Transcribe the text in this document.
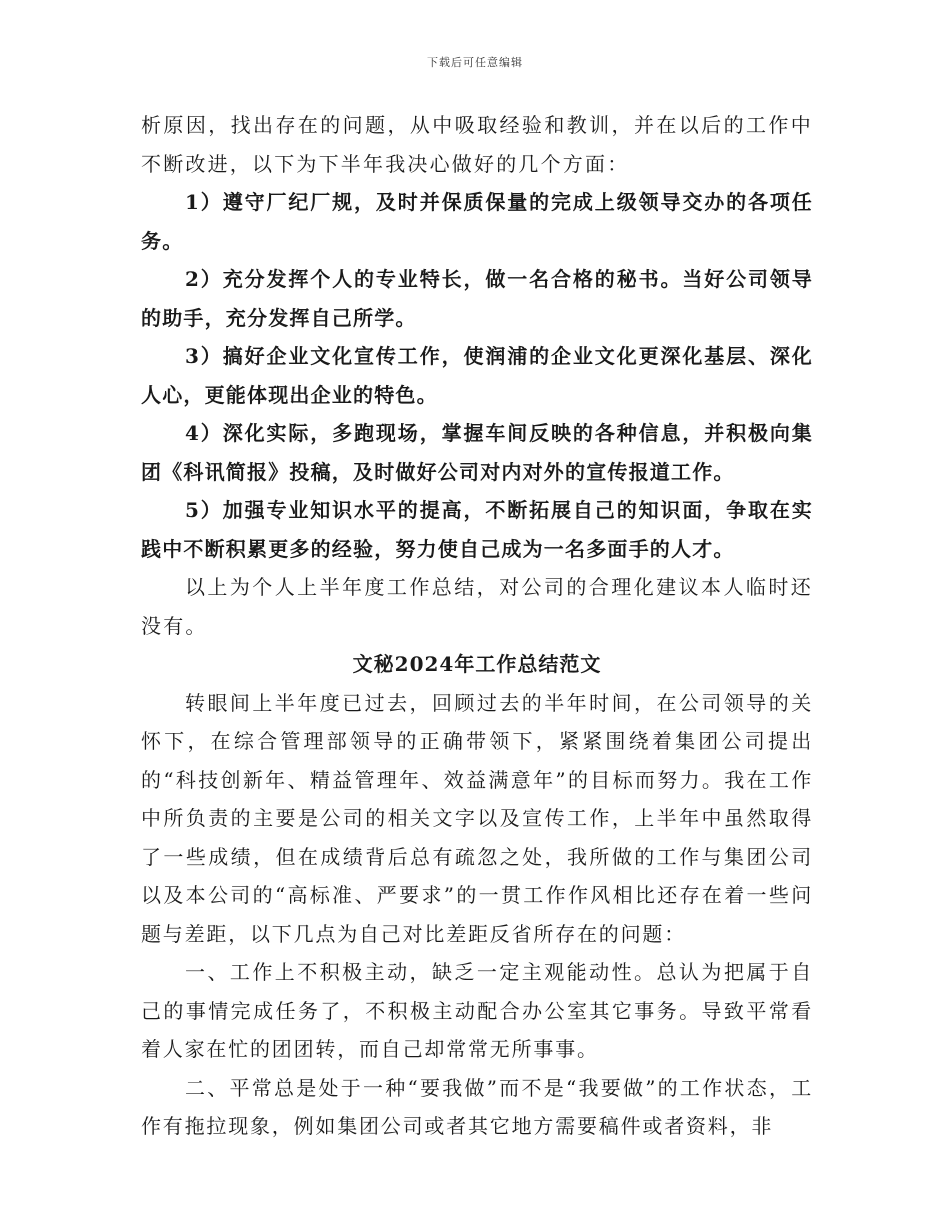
下载后可任意编辑

析原因，找出存在的问题，从中吸取经验和教训，并在以后的工作中不断改进，以下为下半年我决心做好的几个方面：

1）遵守厂纪厂规，及时并保质保量的完成上级领导交办的各项任务。

2）充分发挥个人的专业特长，做一名合格的秘书。当好公司领导的助手，充分发挥自己所学。

3）搞好企业文化宣传工作，使润浦的企业文化更深化基层、深化人心，更能体现出企业的特色。

4）深化实际，多跑现场，掌握车间反映的各种信息，并积极向集团《科讯简报》投稿，及时做好公司对内对外的宣传报道工作。

5）加强专业知识水平的提高，不断拓展自己的知识面，争取在实践中不断积累更多的经验，努力使自己成为一名多面手的人才。

以上为个人上半年度工作总结，对公司的合理化建议本人临时还没有。

文秘2024年工作总结范文

转眼间上半年度已过去，回顾过去的半年时间，在公司领导的关怀下，在综合管理部领导的正确带领下，紧紧围绕着集团公司提出的“科技创新年、精益管理年、效益满意年”的目标而努力。我在工作中所负责的主要是公司的相关文字以及宣传工作，上半年中虽然取得了一些成绩，但在成绩背后总有疏忽之处，我所做的工作与集团公司以及本公司的“高标准、严要求”的一贯工作作风相比还存在着一些问题与差距，以下几点为自己对比差距反省所存在的问题：

一、工作上不积极主动，缺乏一定主观能动性。总认为把属于自己的事情完成任务了，不积极主动配合办公室其它事务。导致平常看着人家在忙的团团转，而自己却常常无所事事。

二、平常总是处于一种“要我做”而不是“我要做”的工作状态，工作有拖拉现象，例如集团公司或者其它地方需要稿件或者资料，非
